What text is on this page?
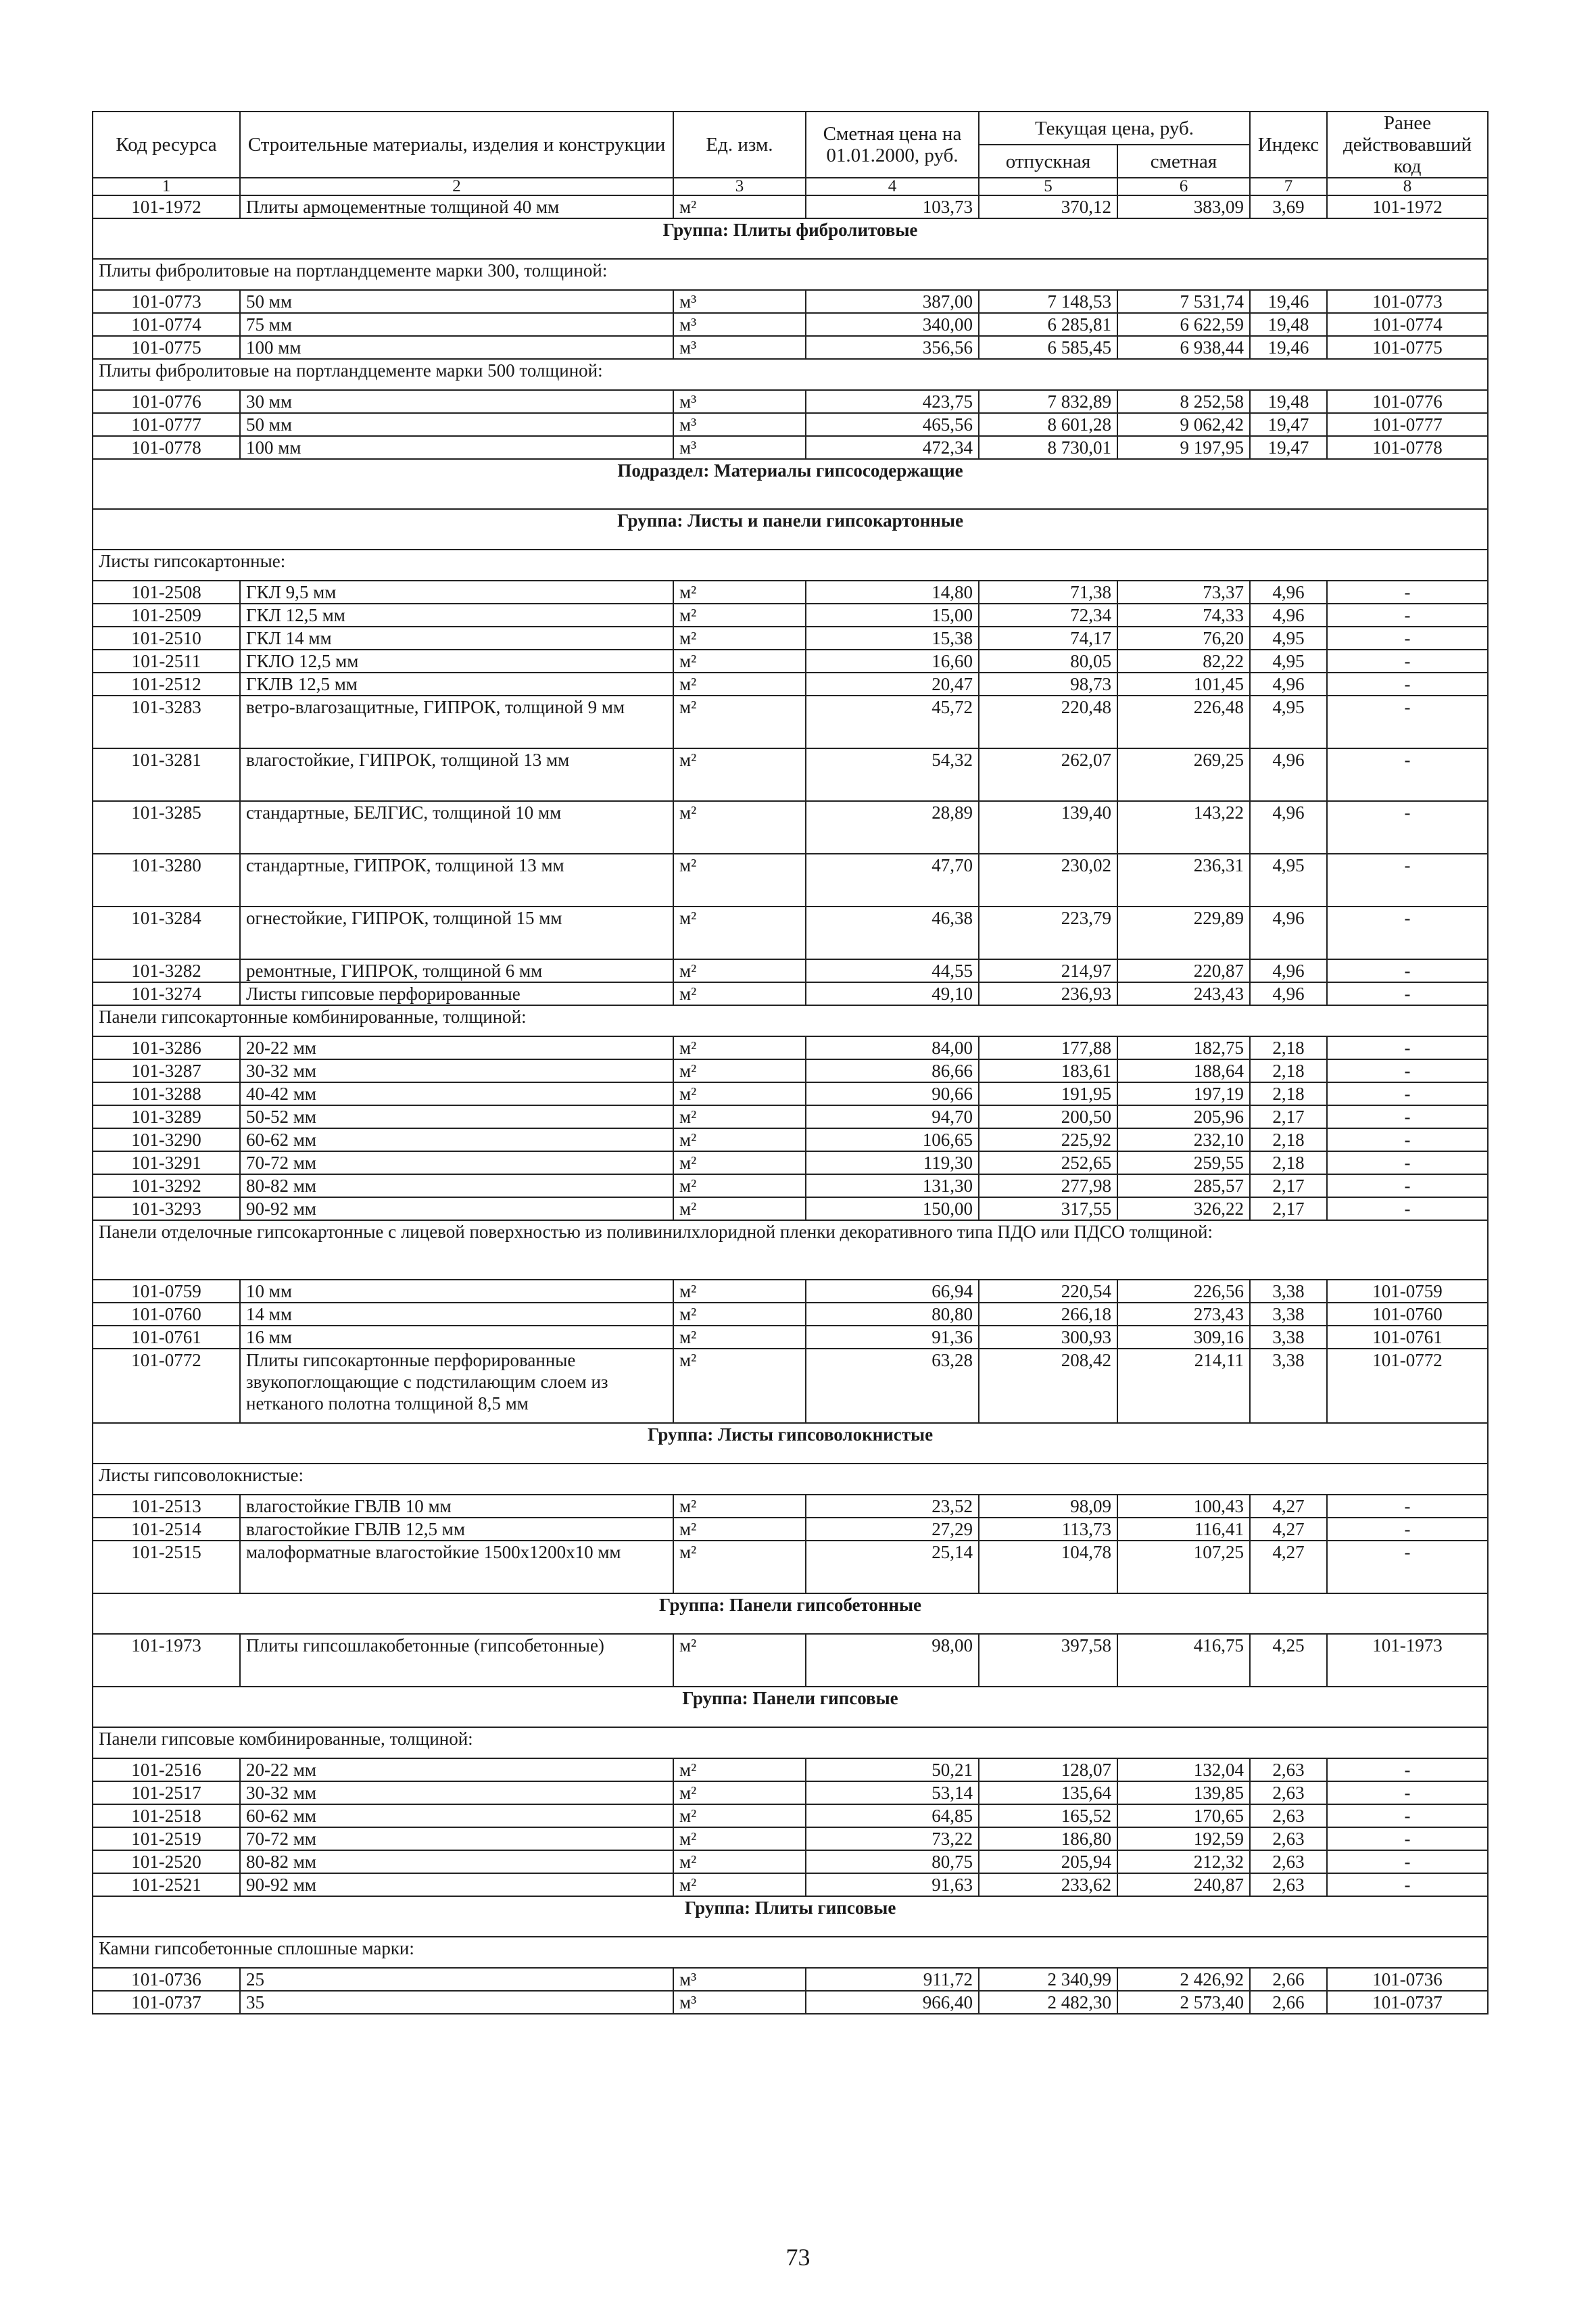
Код ресурса	Строительные материалы, изделия и конструкции	Ед. изм.	Сметная цена на 01.01.2000, руб.	Текущая цена, руб.		Индекс	Ранее действовавший код
				отпускная	сметная		
1	2	3	4	5	6	7	8
101-1972	Плиты армоцементные толщиной 40 мм	м²	103,73	370,12	383,09	3,69	101-1972
Группа: Плиты фибролитовые							
Плиты фибролитовые на портландцементе марки 300, толщиной:							
101-0773	50 мм	м³	387,00	7 148,53	7 531,74	19,46	101-0773
101-0774	75 мм	м³	340,00	6 285,81	6 622,59	19,48	101-0774
101-0775	100 мм	м³	356,56	6 585,45	6 938,44	19,46	101-0775
Плиты фибролитовые на портландцементе марки 500 толщиной:							
101-0776	30 мм	м³	423,75	7 832,89	8 252,58	19,48	101-0776
101-0777	50 мм	м³	465,56	8 601,28	9 062,42	19,47	101-0777
101-0778	100 мм	м³	472,34	8 730,01	9 197,95	19,47	101-0778
Подраздел: Материалы гипсосодержащие							
Группа: Листы и панели гипсокартонные							
Листы гипсокартонные:							
101-2508	ГКЛ 9,5 мм	м²	14,80	71,38	73,37	4,96	-
101-2509	ГКЛ 12,5 мм	м²	15,00	72,34	74,33	4,96	-
101-2510	ГКЛ 14 мм	м²	15,38	74,17	76,20	4,95	-
101-2511	ГКЛО 12,5 мм	м²	16,60	80,05	82,22	4,95	-
101-2512	ГКЛВ 12,5 мм	м²	20,47	98,73	101,45	4,96	-
101-3283	ветро-влагозащитные, ГИПРОК, толщиной 9 мм	м²	45,72	220,48	226,48	4,95	-
101-3281	влагостойкие, ГИПРОК, толщиной 13 мм	м²	54,32	262,07	269,25	4,96	-
101-3285	стандартные, БЕЛГИС, толщиной 10 мм	м²	28,89	139,40	143,22	4,96	-
101-3280	стандартные, ГИПРОК, толщиной 13 мм	м²	47,70	230,02	236,31	4,95	-
101-3284	огнестойкие, ГИПРОК, толщиной 15 мм	м²	46,38	223,79	229,89	4,96	-
101-3282	ремонтные, ГИПРОК, толщиной 6 мм	м²	44,55	214,97	220,87	4,96	-
101-3274	Листы гипсовые перфорированные	м²	49,10	236,93	243,43	4,96	-
Панели гипсокартонные комбинированные, толщиной:							
101-3286	20-22 мм	м²	84,00	177,88	182,75	2,18	-
101-3287	30-32 мм	м²	86,66	183,61	188,64	2,18	-
101-3288	40-42 мм	м²	90,66	191,95	197,19	2,18	-
101-3289	50-52 мм	м²	94,70	200,50	205,96	2,17	-
101-3290	60-62 мм	м²	106,65	225,92	232,10	2,18	-
101-3291	70-72 мм	м²	119,30	252,65	259,55	2,18	-
101-3292	80-82 мм	м²	131,30	277,98	285,57	2,17	-
101-3293	90-92 мм	м²	150,00	317,55	326,22	2,17	-
Панели отделочные гипсокартонные с лицевой поверхностью из поливинилхлоридной пленки декоративного типа ПДО или ПДСО толщиной:							
101-0759	10 мм	м²	66,94	220,54	226,56	3,38	101-0759
101-0760	14 мм	м²	80,80	266,18	273,43	3,38	101-0760
101-0761	16 мм	м²	91,36	300,93	309,16	3,38	101-0761
101-0772	Плиты гипсокартонные перфорированные звукопоглощающие с подстилающим слоем из нетканого полотна толщиной 8,5 мм	м²	63,28	208,42	214,11	3,38	101-0772
Группа: Листы гипсоволокнистые							
Листы гипсоволокнистые:							
101-2513	влагостойкие ГВЛВ 10 мм	м²	23,52	98,09	100,43	4,27	-
101-2514	влагостойкие ГВЛВ 12,5 мм	м²	27,29	113,73	116,41	4,27	-
101-2515	малоформатные влагостойкие 1500х1200х10 мм	м²	25,14	104,78	107,25	4,27	-
Группа: Панели гипсобетонные							
101-1973	Плиты гипсошлакобетонные (гипсобетонные)	м²	98,00	397,58	416,75	4,25	101-1973
Группа: Панели гипсовые							
Панели гипсовые комбинированные, толщиной:							
101-2516	20-22 мм	м²	50,21	128,07	132,04	2,63	-
101-2517	30-32 мм	м²	53,14	135,64	139,85	2,63	-
101-2518	60-62 мм	м²	64,85	165,52	170,65	2,63	-
101-2519	70-72 мм	м²	73,22	186,80	192,59	2,63	-
101-2520	80-82 мм	м²	80,75	205,94	212,32	2,63	-
101-2521	90-92 мм	м²	91,63	233,62	240,87	2,63	-
Группа: Плиты гипсовые							
Камни гипсобетонные сплошные марки:							
101-0736	25	м³	911,72	2 340,99	2 426,92	2,66	101-0736
101-0737	35	м³	966,40	2 482,30	2 573,40	2,66	101-0737
73
